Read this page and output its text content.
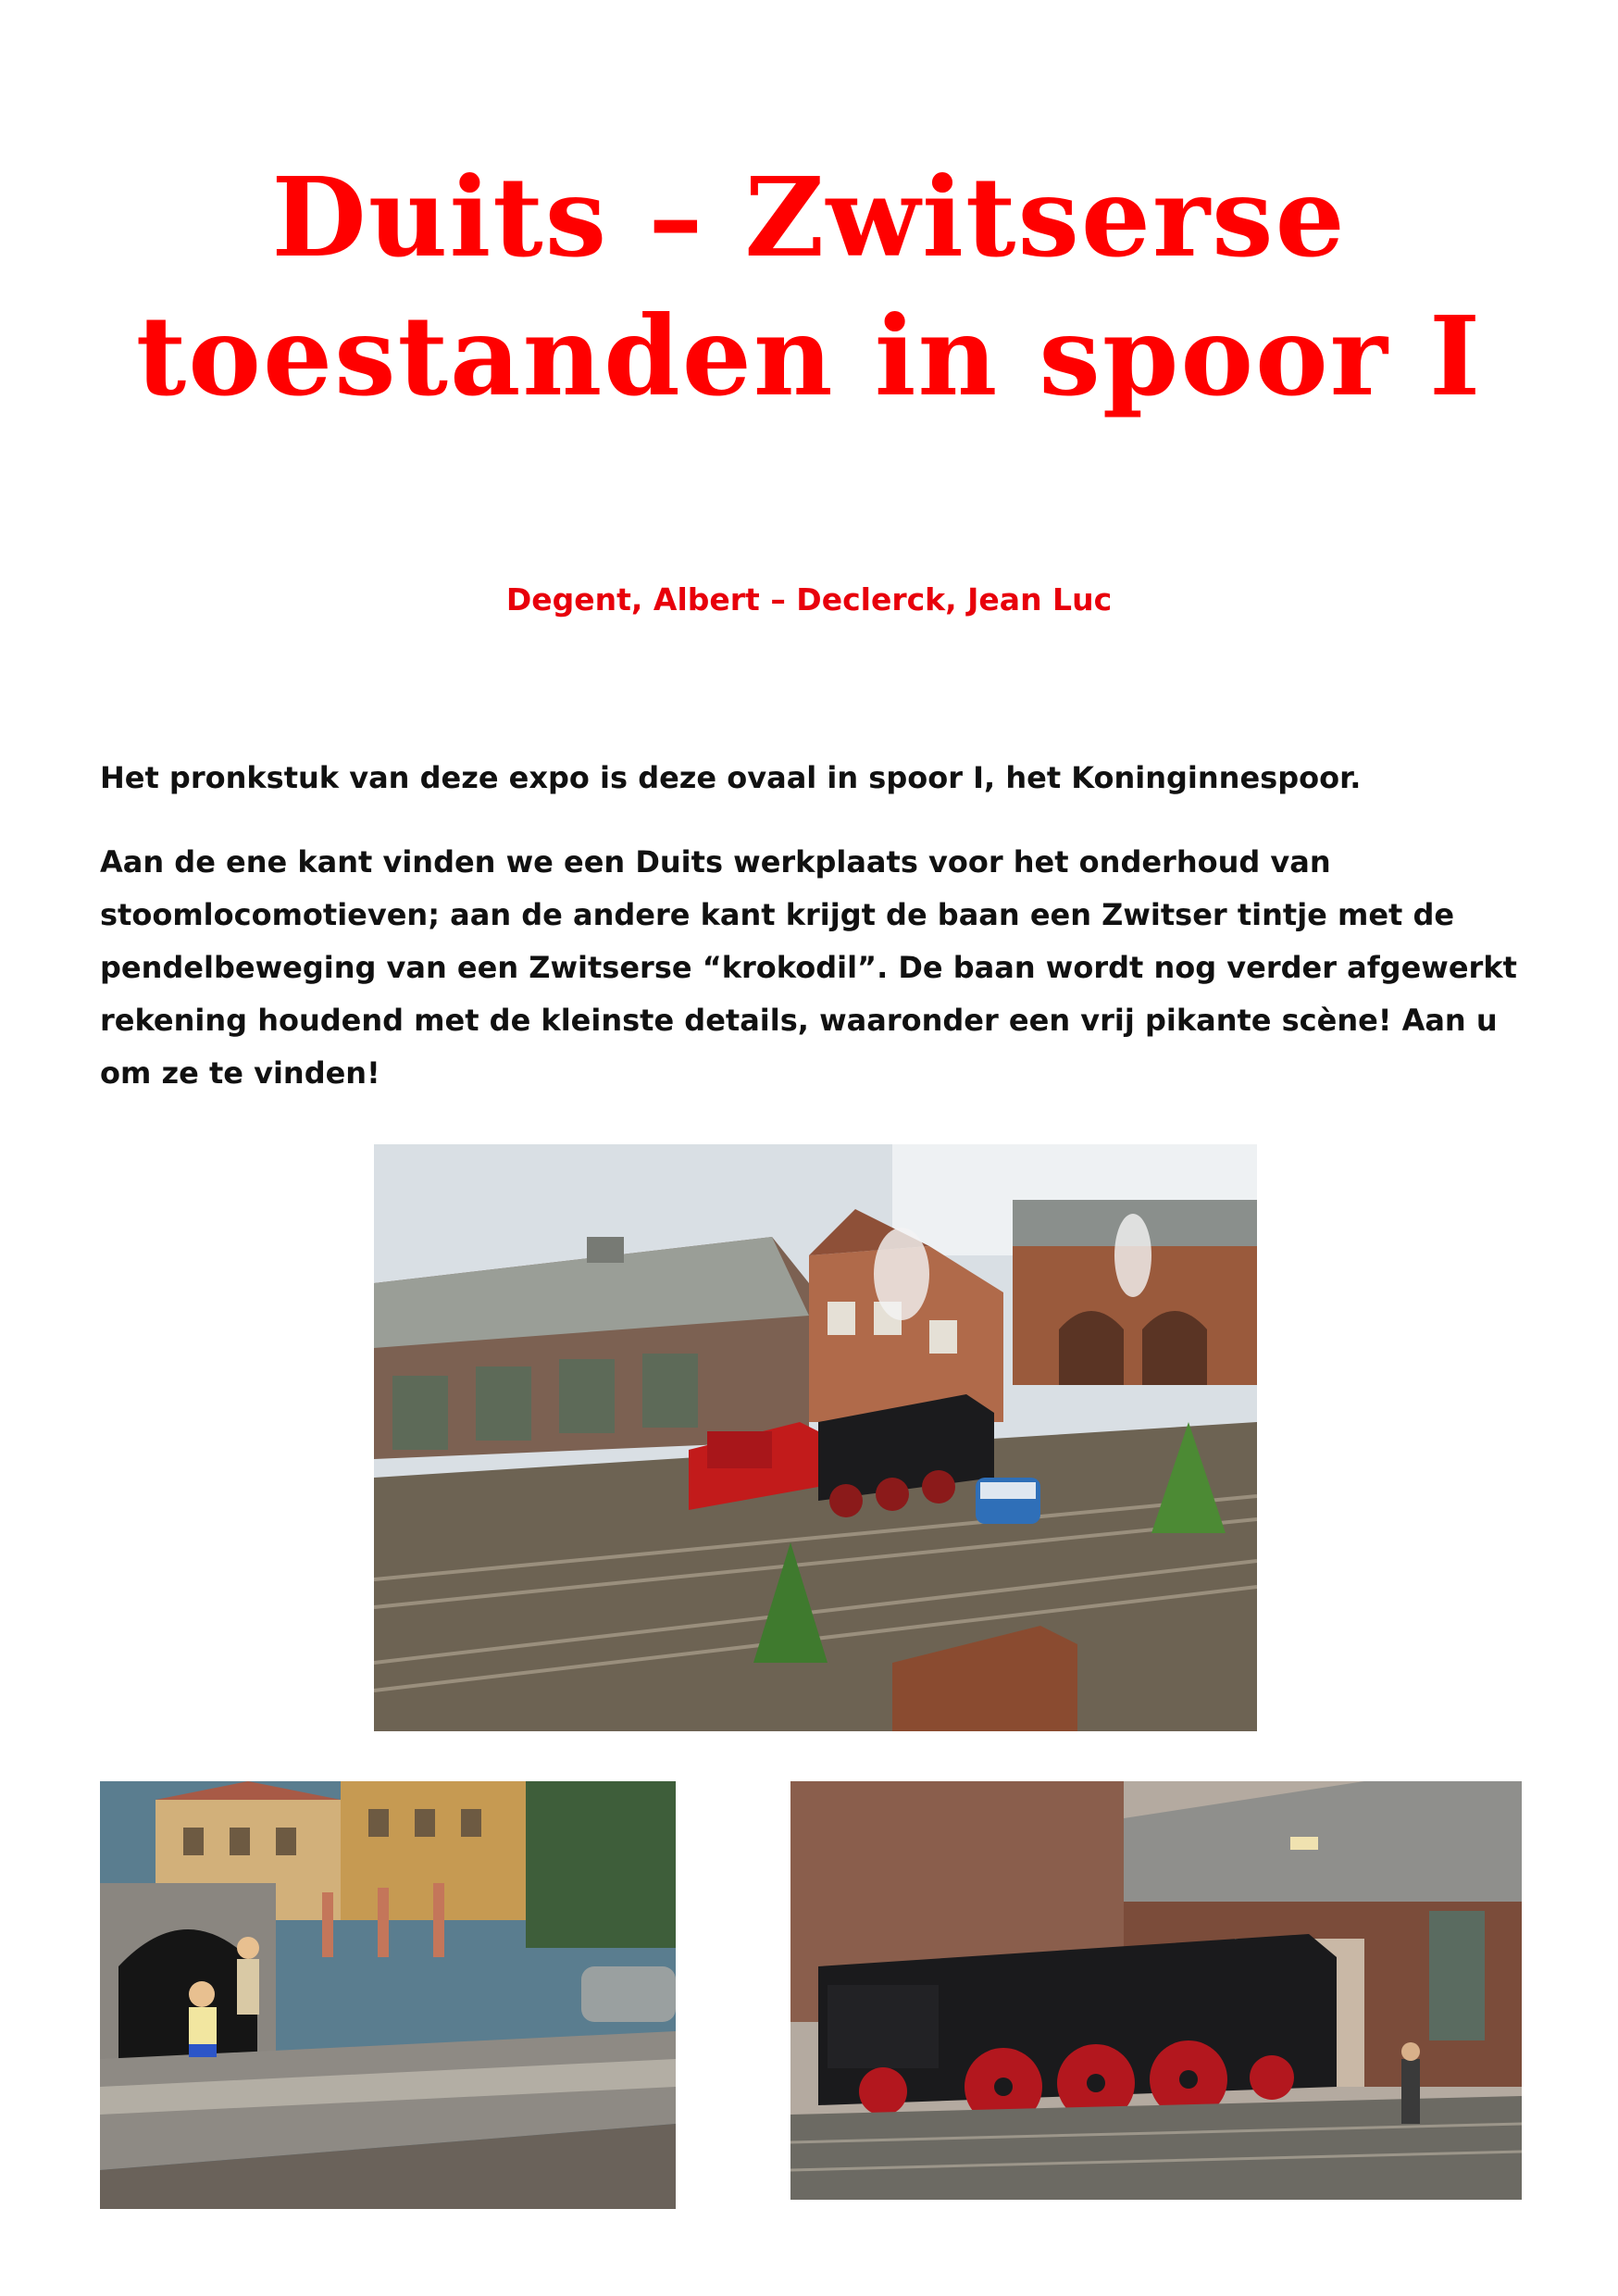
Duits – Zwitserse
toestanden in spoor I
Degent, Albert – Declerck, Jean Luc

Het pronkstuk van deze expo is deze ovaal in spoor I, het Koninginnespoor.

Aan de ene kant vinden we een Duits werkplaats voor het onderhoud van stoomlocomotieven; aan de andere kant krijgt de baan een Zwitser tintje met de pendelbeweging van een Zwitserse “krokodil”. De baan wordt nog verder afgewerkt rekening houdend met de kleinste details, waaronder een vrij pikante scène! Aan u om ze te vinden!
